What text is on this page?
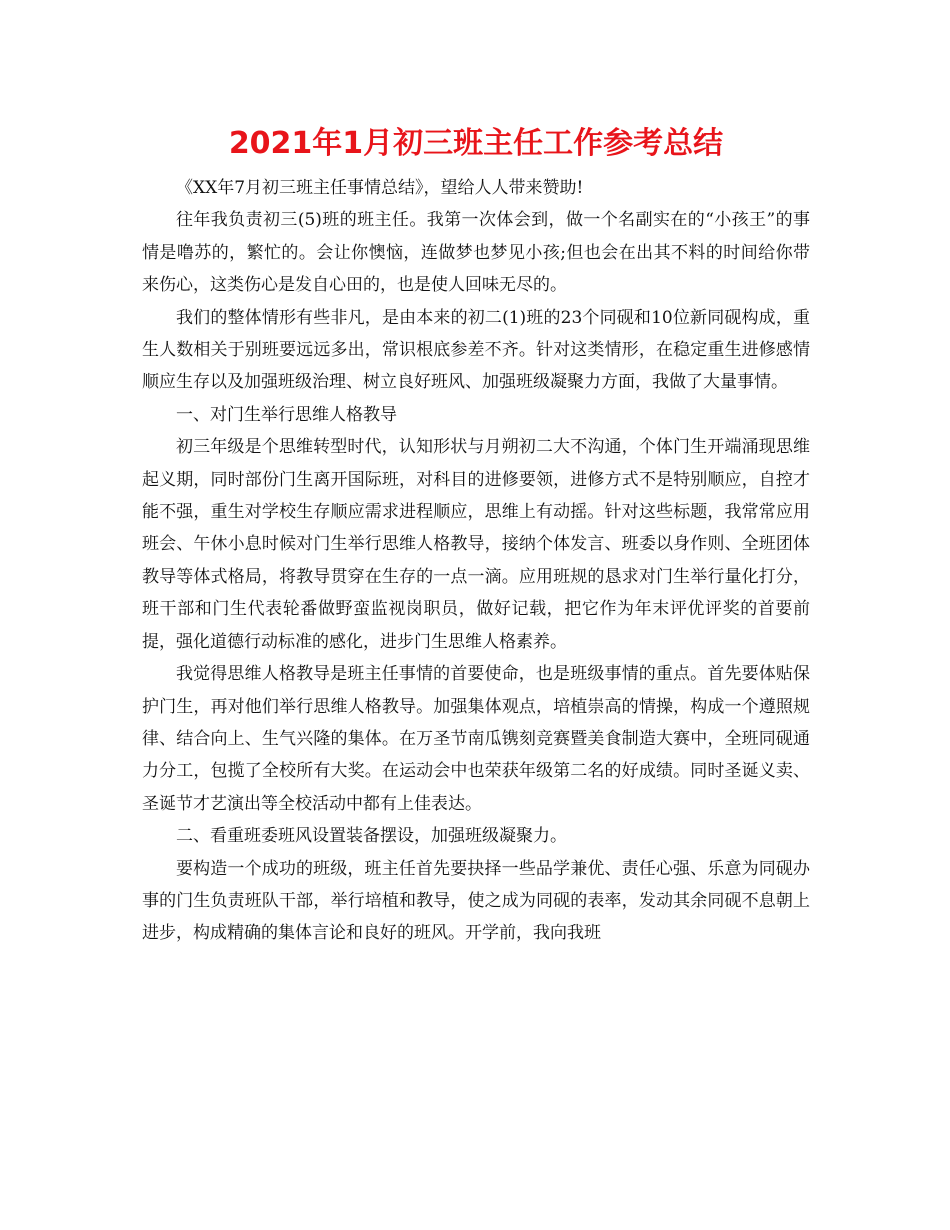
2021年1月初三班主任工作参考总结

《XX年7月初三班主任事情总结》，望给人人带来赞助!

往年我负责初三(5)班的班主任。我第一次体会到，做一个名副实在的“小孩王”的事情是噜苏的，繁忙的。会让你懊恼，连做梦也梦见小孩;但也会在出其不料的时间给你带来伤心，这类伤心是发自心田的，也是使人回味无尽的。

我们的整体情形有些非凡，是由本来的初二(1)班的23个同砚和10位新同砚构成，重生人数相关于别班要远远多出，常识根底参差不齐。针对这类情形，在稳定重生进修感情顺应生存以及加强班级治理、树立良好班风、加强班级凝聚力方面，我做了大量事情。

一、对门生举行思维人格教导

初三年级是个思维转型时代，认知形状与月朔初二大不沟通，个体门生开端涌现思维起义期，同时部份门生离开国际班，对科目的进修要领，进修方式不是特别顺应，自控才能不强，重生对学校生存顺应需求进程顺应，思维上有动摇。针对这些标题，我常常应用班会、午休小息时候对门生举行思维人格教导，接纳个体发言、班委以身作则、全班团体教导等体式格局，将教导贯穿在生存的一点一滴。应用班规的恳求对门生举行量化打分，班干部和门生代表轮番做野蛮监视岗职员，做好记载，把它作为年末评优评奖的首要前提，强化道德行动标准的感化，进步门生思维人格素养。

我觉得思维人格教导是班主任事情的首要使命，也是班级事情的重点。首先要体贴保护门生，再对他们举行思维人格教导。加强集体观点，培植崇高的情操，构成一个遵照规律、结合向上、生气兴隆的集体。在万圣节南瓜镌刻竞赛暨美食制造大赛中，全班同砚通力分工，包揽了全校所有大奖。在运动会中也荣获年级第二名的好成绩。同时圣诞义卖、圣诞节才艺演出等全校活动中都有上佳表达。

二、看重班委班风设置装备摆设，加强班级凝聚力。

要构造一个成功的班级，班主任首先要抉择一些品学兼优、责任心强、乐意为同砚办事的门生负责班队干部，举行培植和教导，使之成为同砚的表率，发动其余同砚不息朝上进步，构成精确的集体言论和良好的班风。开学前，我向我班
